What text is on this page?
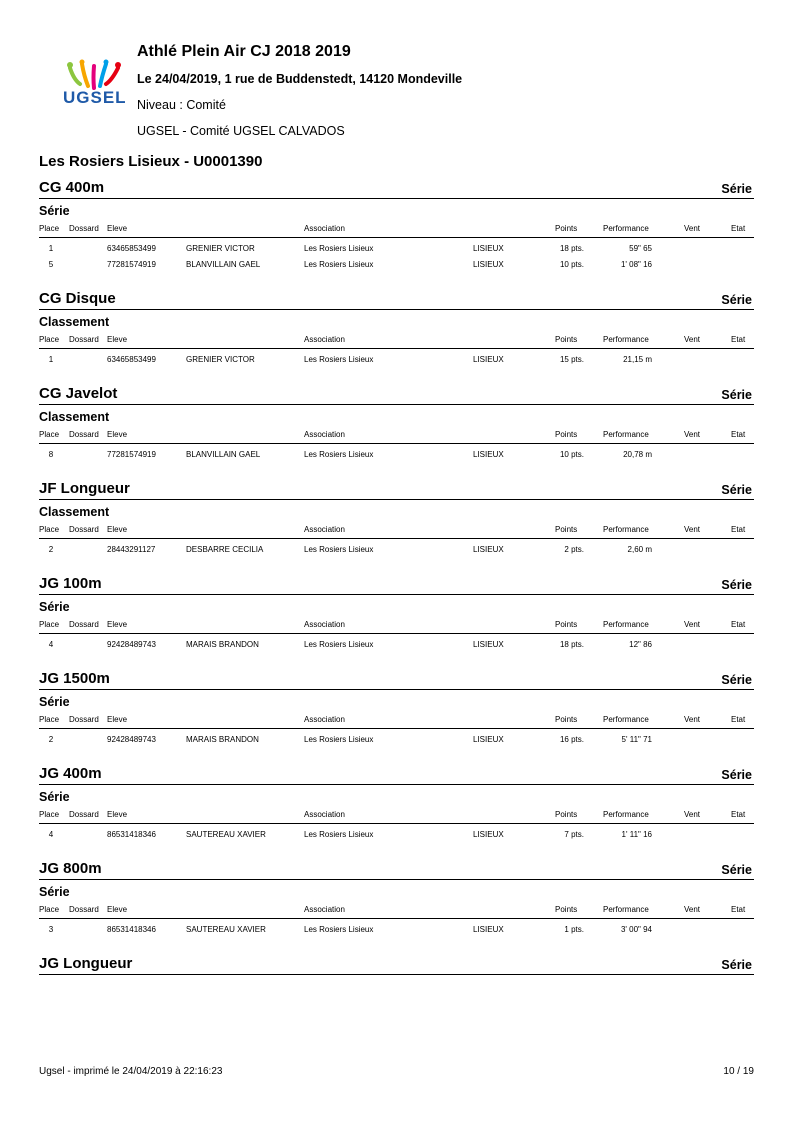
UGSEL
Athlé Plein Air CJ 2018 2019
Le 24/04/2019, 1 rue de Buddenstedt, 14120 Mondeville
Niveau : Comité
UGSEL - Comité UGSEL CALVADOS
Les Rosiers Lisieux - U0001390
CG 400m	Série
Série
Place	Dossard Eleve	Association	Points	Performance	Vent	Etat
1	63465853499	GRENIER VICTOR	Les Rosiers Lisieux	LISIEUX	18 pts.	59" 65
5	77281574919	BLANVILLAIN GAEL	Les Rosiers Lisieux	LISIEUX	10 pts.	1' 08" 16
CG Disque	Série
Classement
Place	Dossard Eleve	Association	Points	Performance	Vent	Etat
1	63465853499	GRENIER VICTOR	Les Rosiers Lisieux	LISIEUX	15 pts.	21,15 m
CG Javelot	Série
Classement
Place	Dossard Eleve	Association	Points	Performance	Vent	Etat
8	77281574919	BLANVILLAIN GAEL	Les Rosiers Lisieux	LISIEUX	10 pts.	20,78 m
JF Longueur	Série
Classement
Place	Dossard Eleve	Association	Points	Performance	Vent	Etat
2	28443291127	DESBARRE CECILIA	Les Rosiers Lisieux	LISIEUX	2 pts.	2,60 m
JG 100m	Série
Série
Place	Dossard Eleve	Association	Points	Performance	Vent	Etat
4	92428489743	MARAIS BRANDON	Les Rosiers Lisieux	LISIEUX	18 pts.	12" 86
JG 1500m	Série
Série
Place	Dossard Eleve	Association	Points	Performance	Vent	Etat
2	92428489743	MARAIS BRANDON	Les Rosiers Lisieux	LISIEUX	16 pts.	5' 11" 71
JG 400m	Série
Série
Place	Dossard Eleve	Association	Points	Performance	Vent	Etat
4	86531418346	SAUTEREAU XAVIER	Les Rosiers Lisieux	LISIEUX	7 pts.	1' 11" 16
JG 800m	Série
Série
Place	Dossard Eleve	Association	Points	Performance	Vent	Etat
3	86531418346	SAUTEREAU XAVIER	Les Rosiers Lisieux	LISIEUX	1 pts.	3' 00" 94
JG Longueur	Série
Ugsel - imprimé le 24/04/2019 à 22:16:23	10 / 19
